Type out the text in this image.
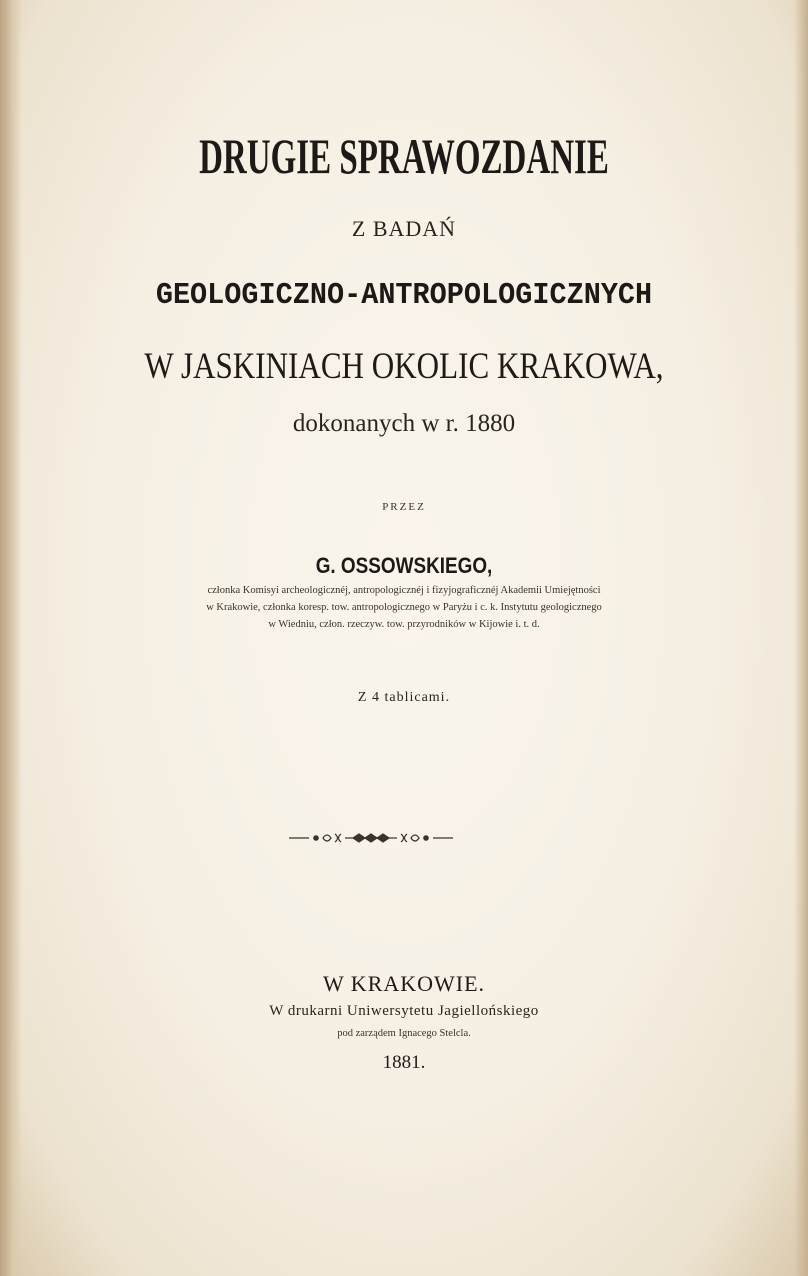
DRUGIE SPRAWOZDANIE
Z BADAŃ
GEOLOGICZNO-ANTROPOLOGICZNYCH
W JASKINIACH OKOLIC KRAKOWA,
dokonanych w r. 1880
PRZEZ
G. OSSOWSKIEGO,
członka Komisyi archeologicznéj, antropologicznéj i fizyjograficznéj Akademii Umiejętności
w Krakowie, członka koresp. tow. antropologicznego w Paryżu i c. k. Instytutu geologicznego
w Wiedniu, człon. rzeczyw. tow. przyrodników w Kijowie i. t. d.
Z 4 tablicami.
W KRAKOWIE.
W drukarni Uniwersytetu Jagiellońskiego
pod zarządem Ignacego Stelcla.
1881.
